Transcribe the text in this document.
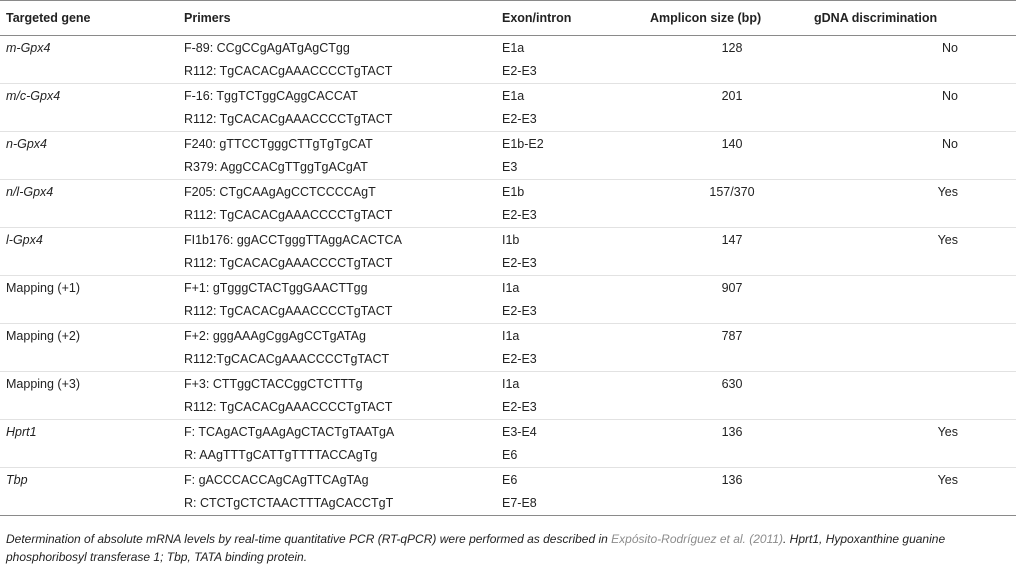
Targeted gene	Primers	Exon/intron	Amplicon size (bp)	gDNA discrimination
m-Gpx4	F-89: CCgCCgAgATgAgCTgg	E1a	128	No
	R112: TgCACACgAAACCCCTgTACT	E2-E3		
m/c-Gpx4	F-16: TggTCTggCAggCACCAT	E1a	201	No
	R112: TgCACACgAAACCCCTgTACT	E2-E3		
n-Gpx4	F240: gTTCCTgggCTTgTgTgCAT	E1b-E2	140	No
	R379: AggCCACgTTggTgACgAT	E3		
n/l-Gpx4	F205: CTgCAAgAgCCTCCCCAgT	E1b	157/370	Yes
	R112: TgCACACgAAACCCCTgTACT	E2-E3		
l-Gpx4	FI1b176: ggACCTgggTTAggACACTCA	I1b	147	Yes
	R112: TgCACACgAAACCCCTgTACT	E2-E3		
Mapping (+1)	F+1: gTgggCTACTggGAACTTgg	I1a	907	
	R112: TgCACACgAAACCCCTgTACT	E2-E3		
Mapping (+2)	F+2: gggAAAgCggAgCCTgATAg	I1a	787	
	R112:TgCACACgAAACCCCTgTACT	E2-E3		
Mapping (+3)	F+3: CTTggCTACCggCTCTTTg	I1a	630	
	R112: TgCACACgAAACCCCTgTACT	E2-E3		
Hprt1	F: TCAgACTgAAgAgCTACTgTAATgA	E3-E4	136	Yes
	R: AAgTTTgCATTgTTTTACCAgTg	E6		
Tbp	F: gACCCACCAgCAgTTCAgTAg	E6	136	Yes
	R: CTCTgCTCTAACTTTAgCACCTgT	E7-E8		
Determination of absolute mRNA levels by real-time quantitative PCR (RT-qPCR) were performed as described in Expósito-Rodríguez et al. (2011). Hprt1, Hypoxanthine guanine phosphoribosyl transferase 1; Tbp, TATA binding protein.
